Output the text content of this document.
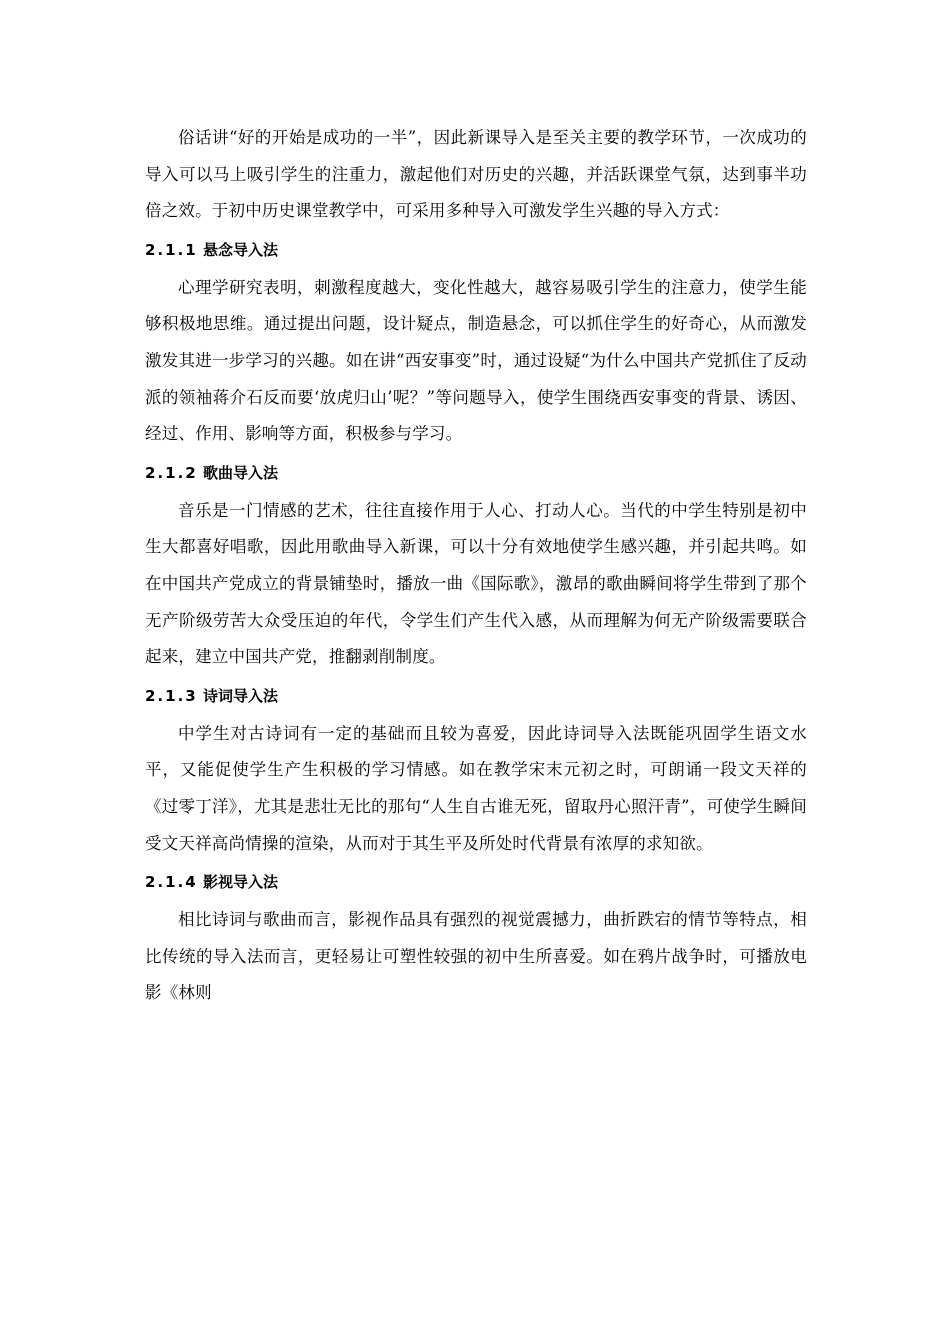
俗话讲“好的开始是成功的一半”，因此新课导入是至关主要的教学环节，一次成功的导入可以马上吸引学生的注重力，激起他们对历史的兴趣，并活跃课堂气氛，达到事半功倍之效。于初中历史课堂教学中，可采用多种导入可激发学生兴趣的导入方式：

2.1.1 悬念导入法

心理学研究表明，刺激程度越大，变化性越大，越容易吸引学生的注意力，使学生能够积极地思维。通过提出问题，设计疑点，制造悬念，可以抓住学生的好奇心，从而激发激发其进一步学习的兴趣。如在讲“西安事变”时，通过设疑“为什么中国共产党抓住了反动派的领袖蒋介石反而要‘放虎归山’呢？”等问题导入，使学生围绕西安事变的背景、诱因、经过、作用、影响等方面，积极参与学习。

2.1.2 歌曲导入法

音乐是一门情感的艺术，往往直接作用于人心、打动人心。当代的中学生特别是初中生大都喜好唱歌，因此用歌曲导入新课，可以十分有效地使学生感兴趣，并引起共鸣。如在中国共产党成立的背景铺垫时，播放一曲《国际歌》，激昂的歌曲瞬间将学生带到了那个无产阶级劳苦大众受压迫的年代，令学生们产生代入感，从而理解为何无产阶级需要联合起来，建立中国共产党，推翻剥削制度。

2.1.3 诗词导入法

中学生对古诗词有一定的基础而且较为喜爱，因此诗词导入法既能巩固学生语文水平，又能促使学生产生积极的学习情感。如在教学宋末元初之时，可朗诵一段文天祥的《过零丁洋》，尤其是悲壮无比的那句“人生自古谁无死，留取丹心照汗青”，可使学生瞬间受文天祥高尚情操的渲染，从而对于其生平及所处时代背景有浓厚的求知欲。

2.1.4 影视导入法

相比诗词与歌曲而言，影视作品具有强烈的视觉震撼力，曲折跌宕的情节等特点，相比传统的导入法而言，更轻易让可塑性较强的初中生所喜爱。如在鸦片战争时，可播放电影《林则
